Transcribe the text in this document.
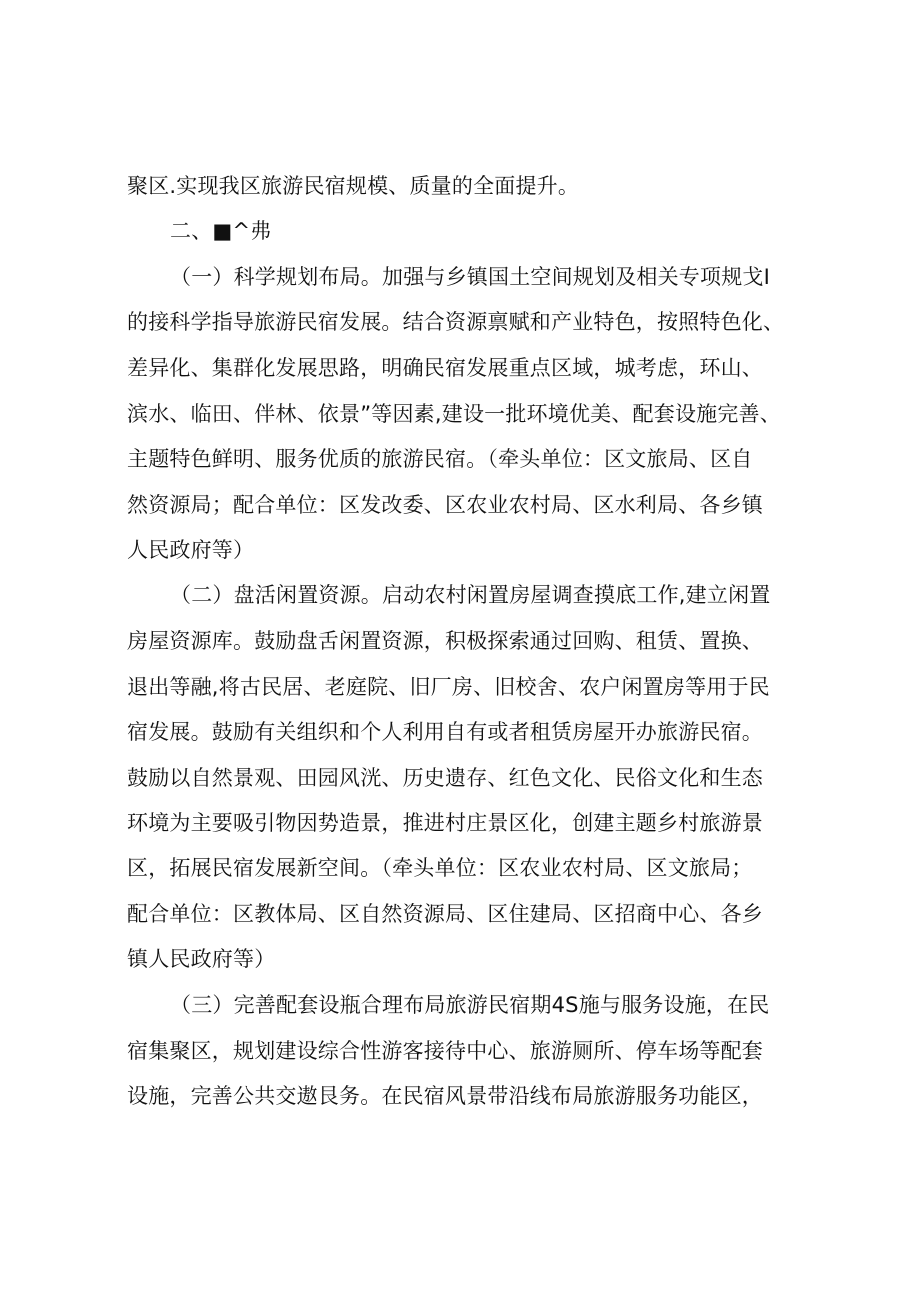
聚区.实现我区旅游民宿规模、质量的全面提升。
二、■^弗
（一）科学规划布局。加强与乡镇国土空间规划及相关专项规戈I
的接科学指导旅游民宿发展。结合资源禀赋和产业特色，按照特色化、
差异化、集群化发展思路，明确民宿发展重点区域，城考虑，环山、
滨水、临田、伴林、依景”等因素,建设一批环境优美、配套设施完善、
主题特色鲜明、服务优质的旅游民宿。（牵头单位：区文旅局、区自
然资源局；配合单位：区发改委、区农业农村局、区水利局、各乡镇
人民政府等）
（二）盘活闲置资源。启动农村闲置房屋调查摸底工作,建立闲置
房屋资源库。鼓励盘舌闲置资源，积极探索通过回购、租赁、置换、
退出等融,将古民居、老庭院、旧厂房、旧校舍、农户闲置房等用于民
宿发展。鼓励有关组织和个人利用自有或者租赁房屋开办旅游民宿。
鼓励以自然景观、田园风洸、历史遗存、红色文化、民俗文化和生态
环境为主要吸引物因势造景，推进村庄景区化，创建主题乡村旅游景
区，拓展民宿发展新空间。（牵头单位：区农业农村局、区文旅局；
配合单位：区教体局、区自然资源局、区住建局、区招商中心、各乡
镇人民政府等）
（三）完善配套设瓶合理布局旅游民宿期4S施与服务设施，在民
宿集聚区，规划建设综合性游客接待中心、旅游厕所、停车场等配套
设施，完善公共交遨艮务。在民宿风景带沿线布局旅游服务功能区，
